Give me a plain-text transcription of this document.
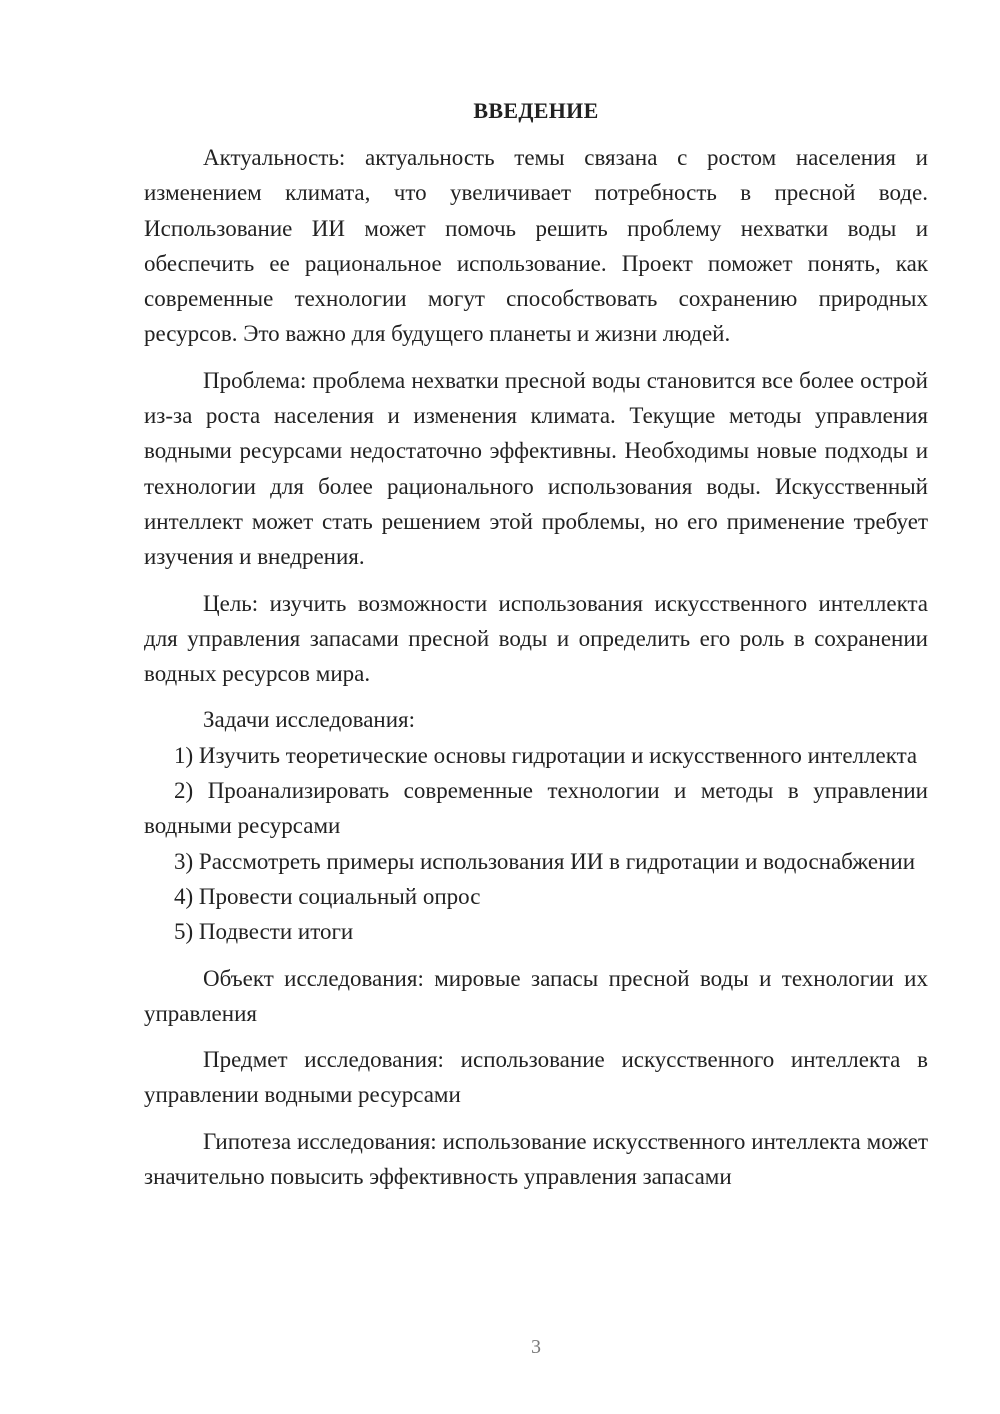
ВВЕДЕНИЕ

Актуальность: актуальность темы связана с ростом населения и изменением климата, что увеличивает потребность в пресной воде. Использование ИИ может помочь решить проблему нехватки воды и обеспечить ее рациональное использование. Проект поможет понять, как современные технологии могут способствовать сохранению природных ресурсов. Это важно для будущего планеты и жизни людей.

Проблема: проблема нехватки пресной воды становится все более острой из-за роста населения и изменения климата. Текущие методы управления водными ресурсами недостаточно эффективны. Необходимы новые подходы и технологии для более рационального использования воды. Искусственный интеллект может стать решением этой проблемы, но его применение требует изучения и внедрения.

Цель: изучить возможности использования искусственного интеллекта для управления запасами пресной воды и определить его роль в сохранении водных ресурсов мира.

Задачи исследования:

1) Изучить теоретические основы гидротации и искусственного интеллекта

2) Проанализировать современные технологии и методы в управлении водными ресурсами

3) Рассмотреть примеры использования ИИ в гидротации и водоснабжении

4) Провести социальный опрос

5) Подвести итоги

Объект исследования: мировые запасы пресной воды и технологии их управления

Предмет исследования: использование искусственного интеллекта в управлении водными ресурсами

Гипотеза исследования: использование искусственного интеллекта может значительно повысить эффективность управления запасами

3
